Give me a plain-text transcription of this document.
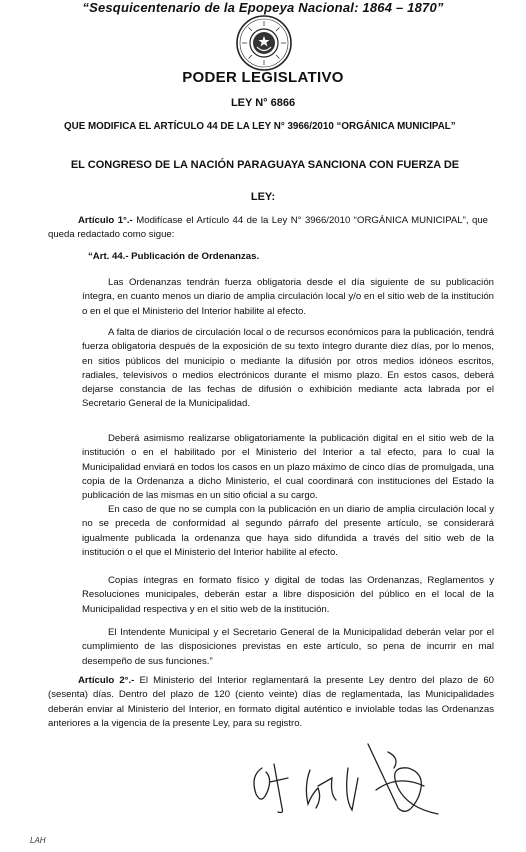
“Sesquicentenario de la Epopeya Nacional: 1864 – 1870”
PODER LEGISLATIVO
LEY N° 6866
QUE MODIFICA EL ARTÍCULO 44 DE LA LEY N° 3966/2010 “ORGÁNICA MUNICIPAL”
EL CONGRESO DE LA NACIÓN PARAGUAYA SANCIONA CON FUERZA DE
LEY:
Artículo 1°.- Modifícase el Artículo 44 de la Ley N° 3966/2010 “ORGÁNICA MUNICIPAL”, que queda redactado como sigue:
“Art. 44.- Publicación de Ordenanzas.
Las Ordenanzas tendrán fuerza obligatoria desde el día siguiente de su publicación íntegra, en cuanto menos un diario de amplia circulación local y/o en el sitio web de la institución o en el que el Ministerio del Interior habilite al efecto.
A falta de diarios de circulación local o de recursos económicos para la publicación, tendrá fuerza obligatoria después de la exposición de su texto íntegro durante diez días, por lo menos, en sitios públicos del municipio o mediante la difusión por otros medios idóneos escritos, radiales, televisivos o medios electrónicos durante el mismo plazo. En estos casos, deberá dejarse constancia de las fechas de difusión o exhibición mediante acta labrada por el Secretario General de la Municipalidad.
Deberá asimismo realizarse obligatoriamente la publicación digital en el sitio web de la institución o en el habilitado por el Ministerio del Interior a tal efecto, para lo cual la Municipalidad enviará en todos los casos en un plazo máximo de cinco días de promulgada, una copia de la Ordenanza a dicho Ministerio, el cual coordinará con instituciones del Estado la publicación de las mismas en un sitio oficial a su cargo.
En caso de que no se cumpla con la publicación en un diario de amplia circulación local y no se preceda de conformidad al segundo párrafo del presente artículo, se considerará igualmente publicada la ordenanza que haya sido difundida a través del sitio web de la institución o el que el Ministerio del Interior habilite al efecto.
Copias íntegras en formato físico y digital de todas las Ordenanzas, Reglamentos y Resoluciones municipales, deberán estar a libre disposición del público en el local de la Municipalidad respectiva y en el sitio web de la institución.
El Intendente Municipal y el Secretario General de la Municipalidad deberán velar por el cumplimiento de las disposiciones previstas en este artículo, so pena de incurrir en mal desempeño de sus funciones.”
Artículo 2°.- El Ministerio del Interior reglamentará la presente Ley dentro del plazo de 60 (sesenta) días. Dentro del plazo de 120 (ciento veinte) días de reglamentada, las Municipalidades deberán enviar al Ministerio del Interior, en formato digital auténtico e inviolable todas las Ordenanzas anteriores a la vigencia de la presente Ley, para su registro.
LAH
